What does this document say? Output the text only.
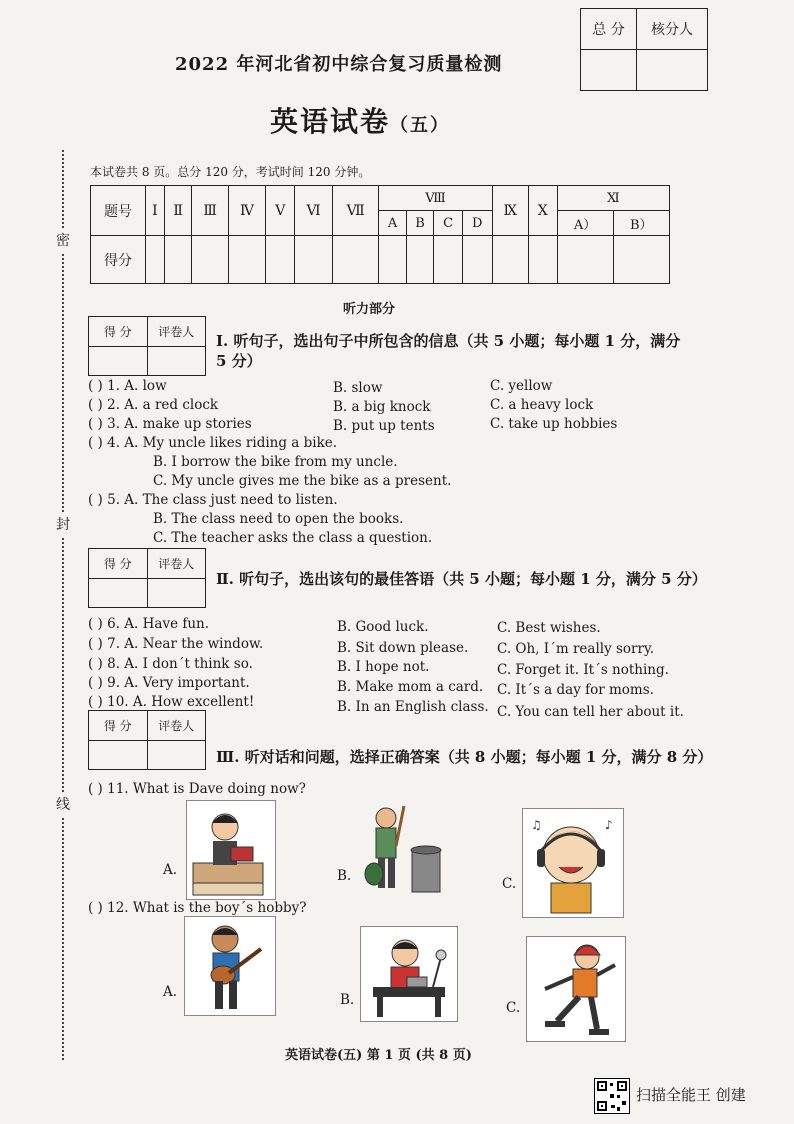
密
封
线
总 分	核分人

2022 年河北省初中综合复习质量检测
英语试卷（五）
本试卷共 8 页。总分 120 分，考试时间 120 分钟。
题号	Ⅰ	Ⅱ	Ⅲ	Ⅳ	Ⅴ	Ⅵ	Ⅶ	Ⅷ				Ⅸ	Ⅹ	Ⅺ	
								A	B	C	D			A）	B）
得分															
听力部分
得 分	评卷人

Ⅰ. 听句子，选出句子中所包含的信息（共 5 小题；每小题 1 分，满分
5 分）
( ) 1. A. low	B. slow	C. yellow
( ) 2. A. a red clock	B. a big knock	C. a heavy lock
( ) 3. A. make up stories	B. put up tents	C. take up hobbies
( ) 4. A. My uncle likes riding a bike.
B. I borrow the bike from my uncle.
C. My uncle gives me the bike as a present.
( ) 5. A. The class just need to listen.
B. The class need to open the books.
C. The teacher asks the class a question.
得 分	评卷人

Ⅱ. 听句子，选出该句的最佳答语（共 5 小题；每小题 1 分，满分 5 分）
( ) 6. A. Have fun.	B. Good luck.	C. Best wishes.
( ) 7. A. Near the window.	B. Sit down please. C. Oh, I´m really sorry.
( ) 8. A. I don´t think so.	B. I hope not.	C. Forget it. It´s nothing.
( ) 9. A. Very important.	B. Make mom a card. C. It´s a day for moms.
( ) 10. A. How excellent!	B. In an English class. C. You can tell her about it.
得 分	评卷人

Ⅲ. 听对话和问题，选择正确答案（共 8 小题；每小题 1 分，满分 8 分）
( ) 11. What is Dave doing now?
A.	B.	C.
♪
♫
( ) 12. What is the boy´s hobby?
A.	B.	C.
英语试卷(五) 第 1 页 (共 8 页)
扫描全能王 创建
